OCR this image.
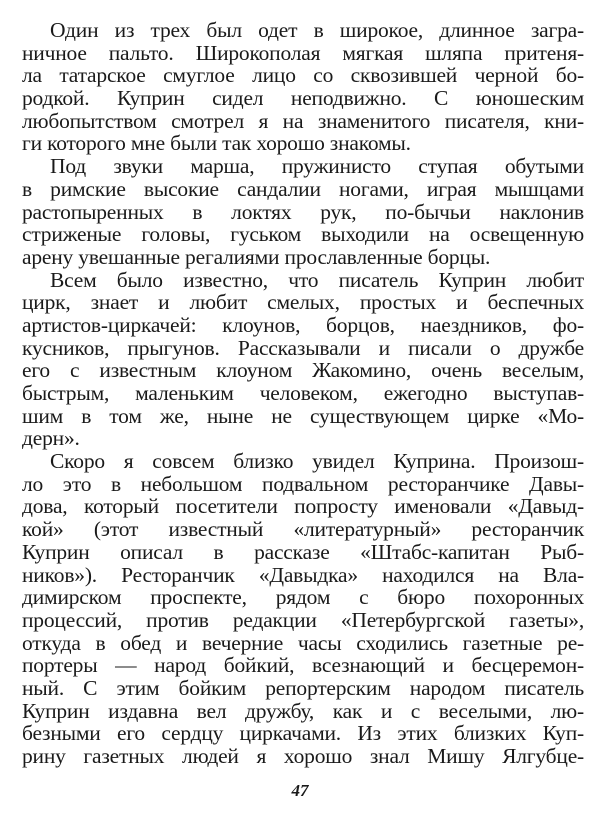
Один из трех был одет в широкое, длинное загра-
ничное пальто. Широкополая мягкая шляпа притеня-
ла татарское смуглое лицо со сквозившей черной бо-
родкой. Куприн сидел неподвижно. С юношеским
любопытством смотрел я на знаменитого писателя, кни-
ги которого мне были так хорошо знакомы.
Под звуки марша, пружинисто ступая обутыми
в римские высокие сандалии ногами, играя мышцами
растопыренных в локтях рук, по-бычьи наклонив
стриженые головы, гуськом выходили на освещенную
арену увешанные регалиями прославленные борцы.
Всем было известно, что писатель Куприн любит
цирк, знает и любит смелых, простых и беспечных
артистов-циркачей: клоунов, борцов, наездников, фо-
кусников, прыгунов. Рассказывали и писали о дружбе
его с известным клоуном Жакомино, очень веселым,
быстрым, маленьким человеком, ежегодно выступав-
шим в том же, ныне не существующем цирке «Мо-
дерн».
Скоро я совсем близко увидел Куприна. Произош-
ло это в небольшом подвальном ресторанчике Давы-
дова, который посетители попросту именовали «Давыд-
кой» (этот известный «литературный» ресторанчик
Куприн описал в рассказе «Штабс-капитан Рыб-
ников»). Ресторанчик «Давыдка» находился на Вла-
димирском проспекте, рядом с бюро похоронных
процессий, против редакции «Петербургской газеты»,
откуда в обед и вечерние часы сходились газетные ре-
портеры — народ бойкий, всезнающий и бесцеремон-
ный. С этим бойким репортерским народом писатель
Куприн издавна вел дружбу, как и с веселыми, лю-
безными его сердцу циркачами. Из этих близких Куп-
рину газетных людей я хорошо знал Мишу Ялгубце-
47
